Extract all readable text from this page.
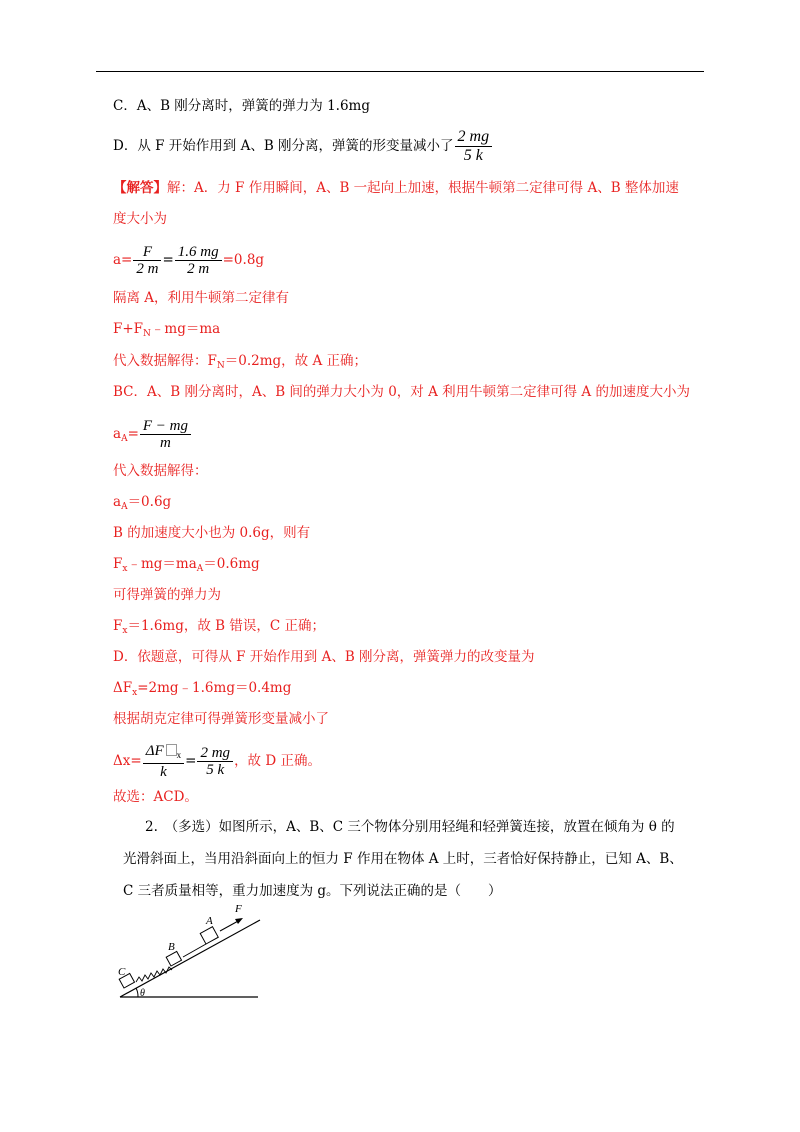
C．A、B 刚分离时，弹簧的弹力为 1.6mg
D．从 F 开始作用到 A、B 刚分离，弹簧的形变量减小了 $\frac{2 mg}{5 k}$
【解答】解：A．力 F 作用瞬间，A、B 一起向上加速，根据牛顿第二定律可得 A、B 整体加速
度大小为
$a= \frac{F}{2 m} = \frac{1.6 mg}{2 m} =0.8g$
隔离 A，利用牛顿第二定律有
$F+F_N﹣mg=ma$
代入数据解得：$F_N=0.2mg$，故 A 正确；
BC．A、B 刚分离时，A、B 间的弹力大小为 0，对 A 利用牛顿第二定律可得 A 的加速度大小为
$a_A= \frac{F - mg}{m}$
代入数据解得：
$a_A=0.6g$
B 的加速度大小也为 0.6g，则有
$F_x﹣mg=ma_A=0.6mg$
可得弹簧的弹力为
$F_x=1.6mg$，故 B 错误，C 正确；
D．依题意，可得从 F 开始作用到 A、B 刚分离，弹簧弹力的改变量为
$\Delta F_x=2mg﹣1.6mg=0.4mg$
根据胡克定律可得弹簧形变量减小了
$\Delta x= \frac{\Delta F _x}{k} = \frac{2 mg}{5 k}$ ，故 D 正确。
故选：ACD。
2.　（多选）如图所示，A、B、C 三个物体分别用轻绳和轻弹簧连接，放置在倾角为 θ 的
光滑斜面上，当用沿斜面向上的恒力 F 作用在物体 A 上时，三者恰好保持静止，已知 A、B、
C 三者质量相等，重力加速度为 g。下列说法正确的是（　　）
C
B
A
F
θ
